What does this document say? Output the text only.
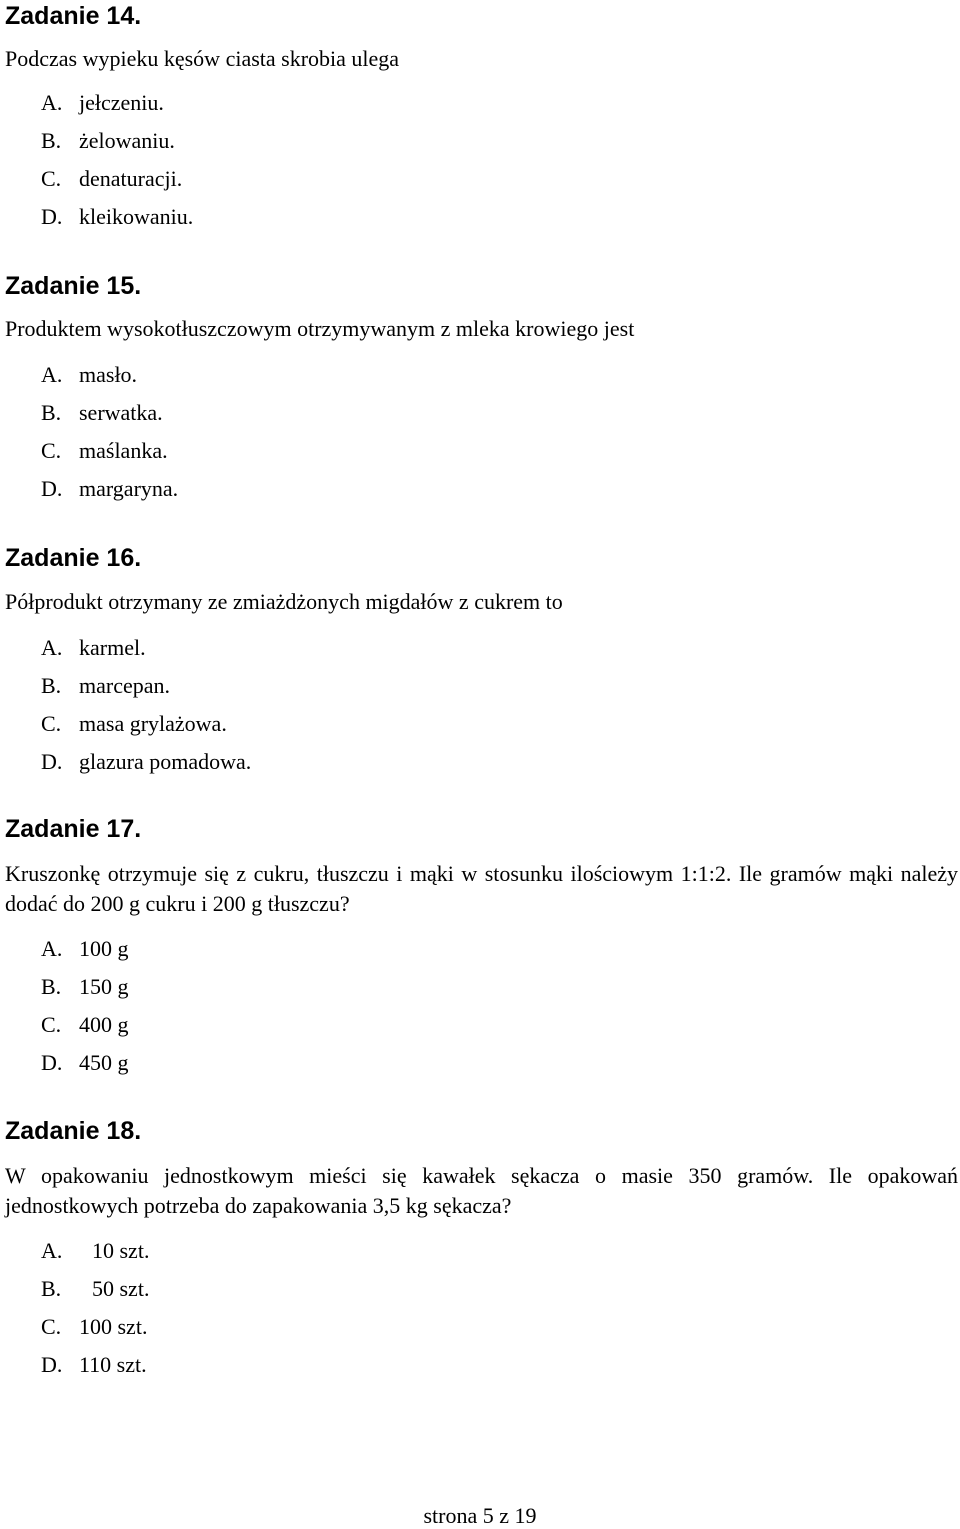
Zadanie 14.

Podczas wypieku kęsów ciasta skrobia ulega

A. jełczeniu.
B. żelowaniu.
C. denaturacji.
D. kleikowaniu.
Zadanie 15.

Produktem wysokotłuszczowym otrzymywanym z mleka krowiego jest

A. masło.
B. serwatka.
C. maślanka.
D. margaryna.
Zadanie 16.

Półprodukt otrzymany ze zmiażdżonych migdałów z cukrem to

A. karmel.
B. marcepan.
C. masa grylażowa.
D. glazura pomadowa.
Zadanie 17.

Kruszonkę otrzymuje się z cukru, tłuszczu i mąki w stosunku ilościowym 1:1:2. Ile gramów mąki należy dodać do 200 g cukru i 200 g tłuszczu?

A. 100 g
B. 150 g
C. 400 g
D. 450 g
Zadanie 18.

W opakowaniu jednostkowym mieści się kawałek sękacza o masie 350 gramów. Ile opakowań jednostkowych potrzeba do zapakowania 3,5 kg sękacza?

A. 10 szt.
B. 50 szt.
C. 100 szt.
D. 110 szt.
strona 5 z 19
